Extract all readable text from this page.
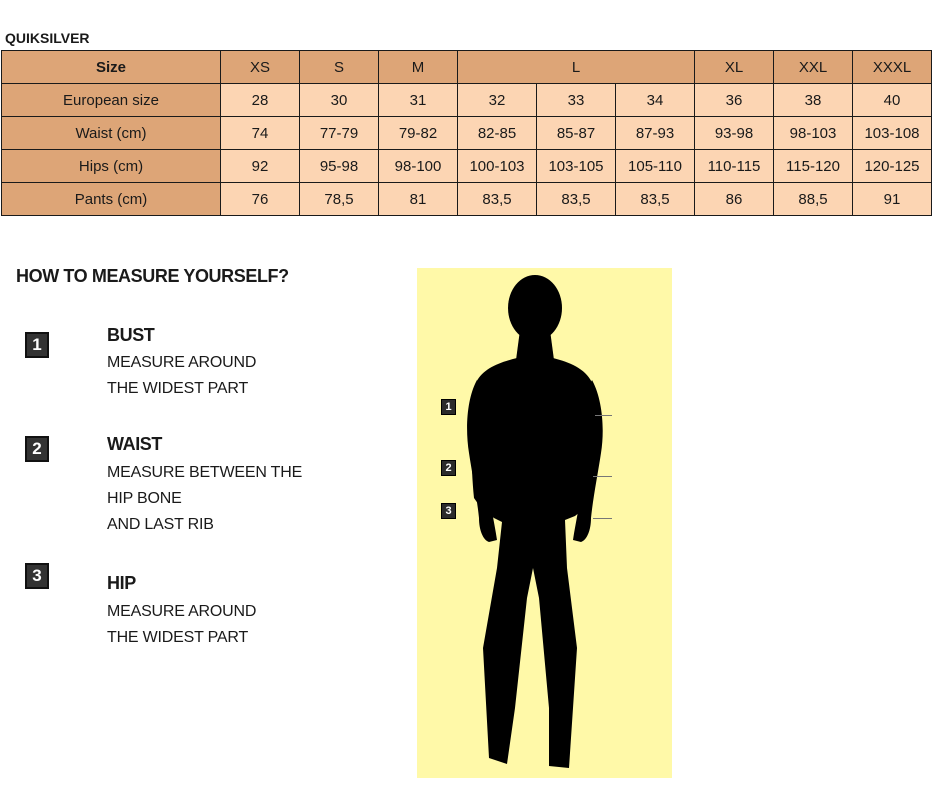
QUIKSILVER
Size	XS	S	M	L			XL	XXL	XXXL
European size	28	30	31	32	33	34	36	38	40
Waist (cm)	74	77-79	79-82	82-85	85-87	87-93	93-98	98-103	103-108
Hips (cm)	92	95-98	98-100	100-103	103-105	105-110	110-115	115-120	120-125
Pants (cm)	76	78,5	81	83,5	83,5	83,5	86	88,5	91
HOW TO MEASURE YOURSELF?
1	BUST
MEASURE AROUND
THE WIDEST PART
2	WAIST
MEASURE BETWEEN THE
HIP BONE
AND LAST RIB
3	HIP
MEASURE AROUND
THE WIDEST PART
1
2
3
